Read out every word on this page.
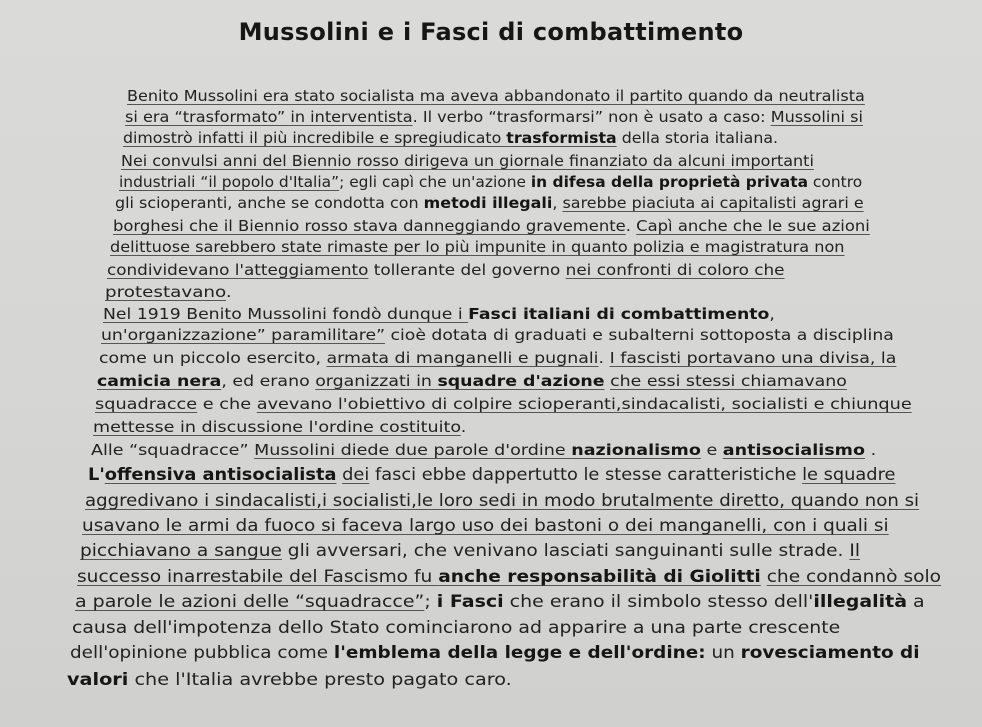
Mussolini e i Fasci di combattimento
Benito Mussolini era stato socialista ma aveva abbandonato il partito quando da neutralista
si era “trasformato” in interventista. Il verbo “trasformarsi” non è usato a caso: Mussolini si
dimostrò infatti il più incredibile e spregiudicato trasformista della storia italiana.
Nei convulsi anni del Biennio rosso dirigeva un giornale finanziato da alcuni importanti
industriali “il popolo d'Italia”; egli capì che un'azione in difesa della proprietà privata contro
gli scioperanti, anche se condotta con metodi illegali, sarebbe piaciuta ai capitalisti agrari e
borghesi che il Biennio rosso stava danneggiando gravemente. Capì anche che le sue azioni
delittuose sarebbero state rimaste per lo più impunite in quanto polizia e magistratura non
condividevano l'atteggiamento tollerante del governo nei confronti di coloro che
protestavano.
Nel 1919 Benito Mussolini fondò dunque i Fasci italiani di combattimento,
un'organizzazione” paramilitare” cioè dotata di graduati e subalterni sottoposta a disciplina
come un piccolo esercito, armata di manganelli e pugnali. I fascisti portavano una divisa, la
camicia nera, ed erano organizzati in squadre d'azione che essi stessi chiamavano
squadracce e che avevano l'obiettivo di colpire scioperanti,sindacalisti, socialisti e chiunque
mettesse in discussione l'ordine costituito.
Alle “squadracce” Mussolini diede due parole d'ordine nazionalismo e antisocialismo .
L'offensiva antisocialista dei fasci ebbe dappertutto le stesse caratteristiche le squadre
aggredivano i sindacalisti,i socialisti,le loro sedi in modo brutalmente diretto, quando non si
usavano le armi da fuoco si faceva largo uso dei bastoni o dei manganelli, con i quali si
picchiavano a sangue gli avversari, che venivano lasciati sanguinanti sulle strade. Il
successo inarrestabile del Fascismo fu anche responsabilità di Giolitti che condannò solo
a parole le azioni delle “squadracce”; i Fasci che erano il simbolo stesso dell'illegalità a
causa dell'impotenza dello Stato cominciarono ad apparire a una parte crescente
dell'opinione pubblica come l'emblema della legge e dell'ordine: un rovesciamento di
valori che l'Italia avrebbe presto pagato caro.
